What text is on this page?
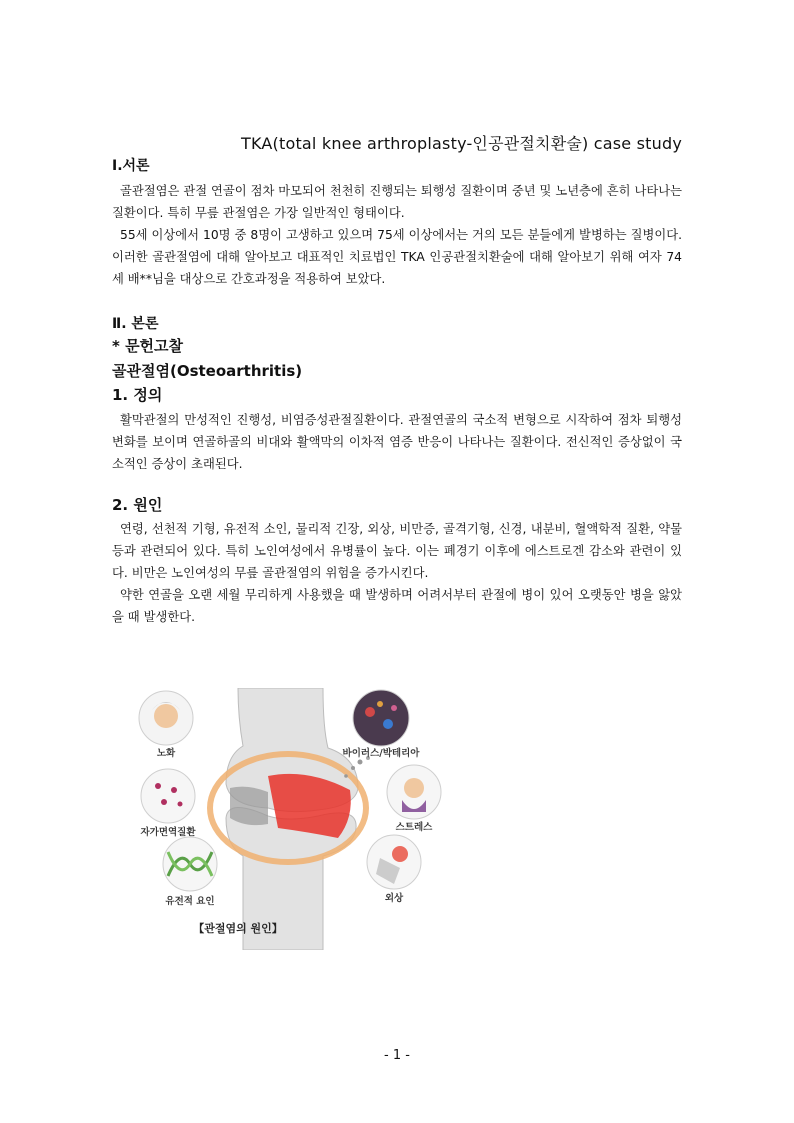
TKA(total knee arthroplasty-인공관절치환술) case study
Ⅰ.서론

골관절염은 관절 연골이 점차 마모되어 천천히 진행되는 퇴행성 질환이며 중년 및 노년층에 흔히 나타나는 질환이다. 특히 무릎 관절염은 가장 일반적인 형태이다.

55세 이상에서 10명 중 8명이 고생하고 있으며 75세 이상에서는 거의 모든 분들에게 발병하는 질병이다. 이러한 골관절염에 대해 알아보고 대표적인 치료법인 TKA 인공관절치환술에 대해 알아보기 위해 여자 74세 배**님을 대상으로 간호과정을 적용하여 보았다.

Ⅱ. 본론
* 문헌고찰
골관절염(Osteoarthritis)
1. 정의

활막관절의 만성적인 진행성, 비염증성관절질환이다. 관절연골의 국소적 변형으로 시작하여 점차 퇴행성 변화를 보이며 연골하골의 비대와 활액막의 이차적 염증 반응이 나타나는 질환이다. 전신적인 증상없이 국소적인 증상이 초래된다.

2. 원인

연령, 선천적 기형, 유전적 소인, 물리적 긴장, 외상, 비만증, 골격기형, 신경, 내분비, 혈액학적 질환, 약물 등과 관련되어 있다. 특히 노인여성에서 유병률이 높다. 이는 폐경기 이후에 에스트로겐 감소와 관련이 있다. 비만은 노인여성의 무릎 골관절염의 위험을 증가시킨다.

약한 연골을 오랜 세월 무리하게 사용했을 때 발생하며 어려서부터 관절에 병이 있어 오랫동안 병을 앓았을 때 발생한다.

노화
자가면역질환
유전적 요인
바이러스/박테리아
스트레스
외상
【관절염의 원인】
- 1 -
